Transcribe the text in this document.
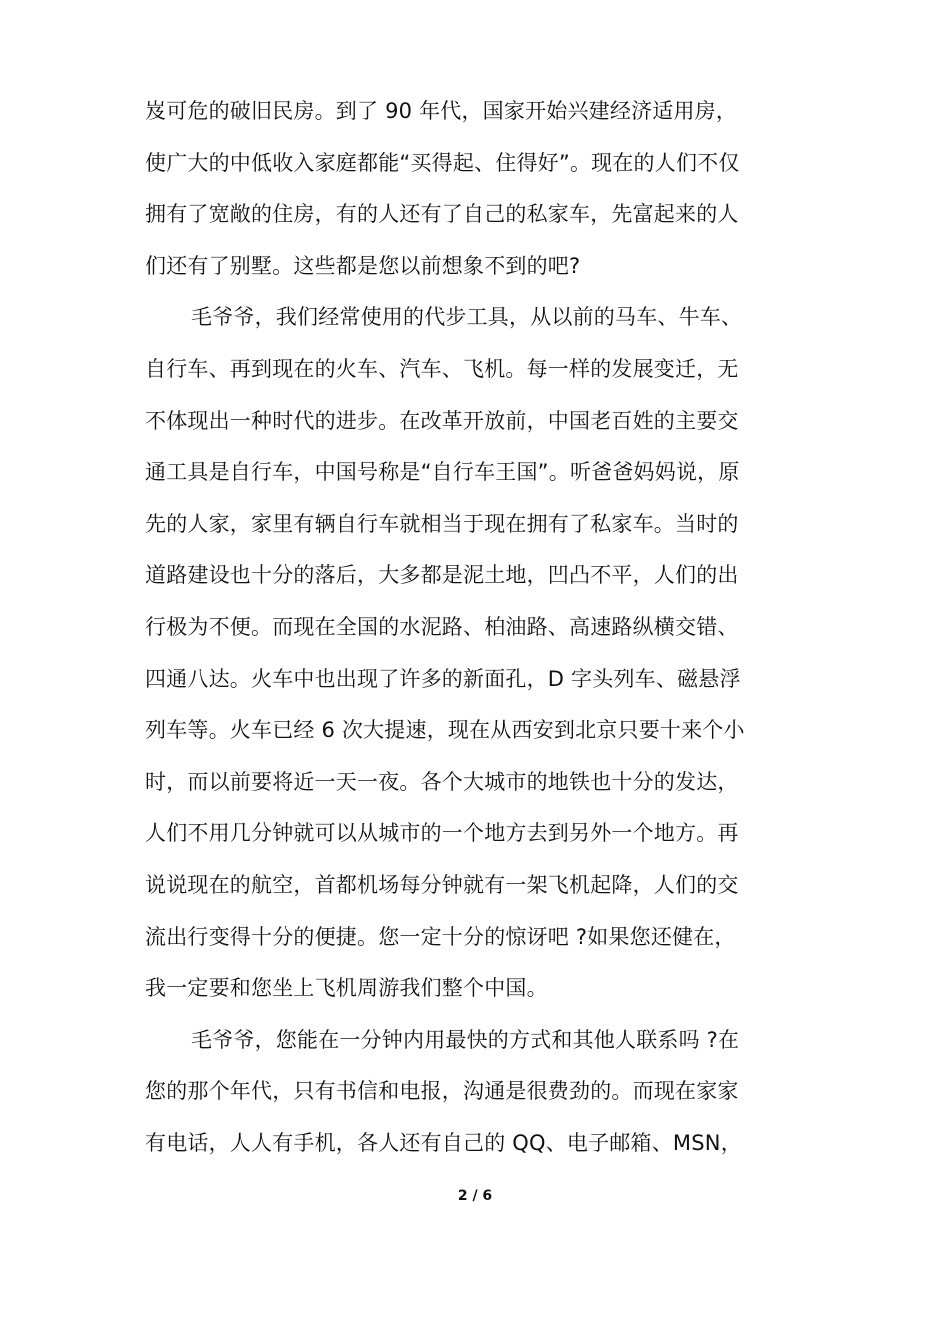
岌可危的破旧民房。到了 90 年代，国家开始兴建经济适用房，
使广大的中低收入家庭都能“买得起、住得好”。现在的人们不仅
拥有了宽敞的住房，有的人还有了自己的私家车，先富起来的人
们还有了别墅。这些都是您以前想象不到的吧?
毛爷爷，我们经常使用的代步工具，从以前的马车、牛车、
自行车、再到现在的火车、汽车、飞机。每一样的发展变迁，无
不体现出一种时代的进步。在改革开放前，中国老百姓的主要交
通工具是自行车，中国号称是“自行车王国”。听爸爸妈妈说，原
先的人家，家里有辆自行车就相当于现在拥有了私家车。当时的
道路建设也十分的落后，大多都是泥土地，凹凸不平，人们的出
行极为不便。而现在全国的水泥路、柏油路、高速路纵横交错、
四通八达。火车中也出现了许多的新面孔，D 字头列车、磁悬浮
列车等。火车已经 6 次大提速，现在从西安到北京只要十来个小
时，而以前要将近一天一夜。各个大城市的地铁也十分的发达，
人们不用几分钟就可以从城市的一个地方去到另外一个地方。再
说说现在的航空，首都机场每分钟就有一架飞机起降，人们的交
流出行变得十分的便捷。您一定十分的惊讶吧 ?如果您还健在，
我一定要和您坐上飞机周游我们整个中国。
毛爷爷，您能在一分钟内用最快的方式和其他人联系吗 ?在
您的那个年代，只有书信和电报，沟通是很费劲的。而现在家家
有电话，人人有手机，各人还有自己的 QQ、电子邮箱、MSN，
2 / 6
